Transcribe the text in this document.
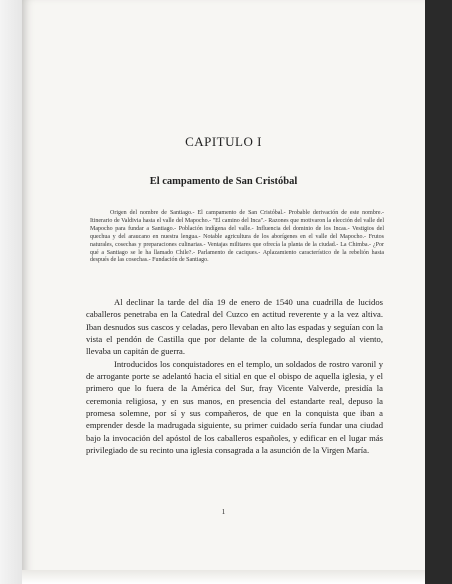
CAPITULO I
El campamento de San Cristóbal
Origen del nombre de Santiago.- El campamento de San Cristóbal.- Probable derivación de este nombre.- Itinerario de Valdivia hasta el valle del Mapocho.- "El camino del Inca".- Razones que motivaron la elección del valle del Mapocho para fundar a Santiago.- Población indígena del valle.- Influencia del dominio de los Incas.- Vestigios del quechua y del araucano en nuestra lengua.- Notable agricultura de los aborígenes en el valle del Mapocho.- Frutos naturales, cosechas y preparaciones culinarias.- Ventajas militares que ofrecía la planta de la ciudad.- La Chimba.- ¿Por qué a Santiago se le ha llamado Chile?.- Parlamento de caciques.- Aplazamiento característico de la rebelión hasta después de las cosechas.- Fundación de Santiago.

Al declinar la tarde del día 19 de enero de 1540 una cuadrilla de lucidos caballeros penetraba en la Catedral del Cuzco en actitud reverente y a la vez altiva. Iban desnudos sus cascos y celadas, pero llevaban en alto las espadas y seguían con la vista el pendón de Castilla que por delante de la columna, desplegado al viento, llevaba un capitán de guerra.

Introducidos los conquistadores en el templo, un soldados de rostro varonil y de arrogante porte se adelantó hacia el sitial en que el obispo de aquella iglesia, y el primero que lo fuera de la América del Sur, fray Vicente Valverde, presidía la ceremonia religiosa, y en sus manos, en presencia del estandarte real, depuso la promesa solemne, por sí y sus compañeros, de que en la conquista que iban a emprender desde la madrugada siguiente, su primer cuidado sería fundar una ciudad bajo la invocación del apóstol de los caballeros españoles, y edificar en el lugar más privilegiado de su recinto una iglesia consagrada a la asunción de la Virgen María.

1
